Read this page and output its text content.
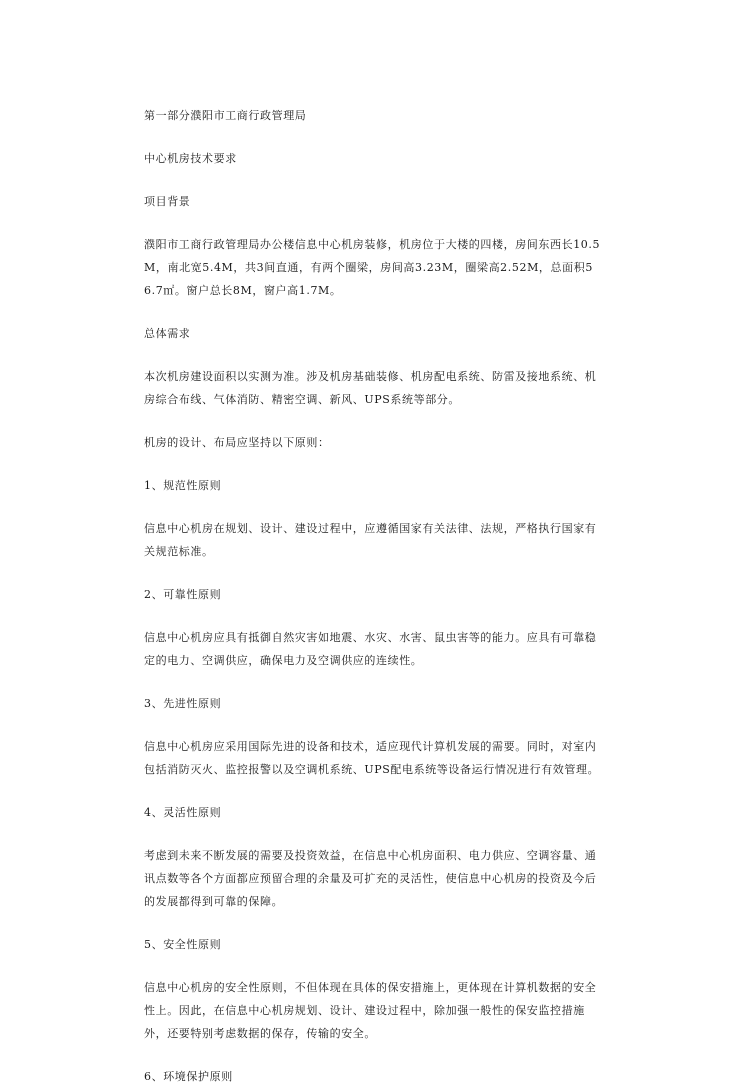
第一部分濮阳市工商行政管理局

中心机房技术要求

项目背景

濮阳市工商行政管理局办公楼信息中心机房装修，机房位于大楼的四楼，房间东西长10.5M，南北宽5.4M，共3间直通，有两个圈梁，房间高3.23M，圈梁高2.52M，总面积56.7㎡。窗户总长8M，窗户高1.7M。

总体需求

本次机房建设面积以实测为准。涉及机房基础装修、机房配电系统、防雷及接地系统、机房综合布线、气体消防、精密空调、新风、UPS系统等部分。

机房的设计、布局应坚持以下原则：

1、规范性原则

信息中心机房在规划、设计、建设过程中，应遵循国家有关法律、法规，严格执行国家有关规范标准。

2、可靠性原则

信息中心机房应具有抵御自然灾害如地震、水灾、水害、鼠虫害等的能力。应具有可靠稳定的电力、空调供应，确保电力及空调供应的连续性。

3、先进性原则

信息中心机房应采用国际先进的设备和技术，适应现代计算机发展的需要。同时，对室内包括消防灭火、监控报警以及空调机系统、UPS配电系统等设备运行情况进行有效管理。

4、灵活性原则

考虑到未来不断发展的需要及投资效益，在信息中心机房面积、电力供应、空调容量、通讯点数等各个方面都应预留合理的余量及可扩充的灵活性，使信息中心机房的投资及今后的发展都得到可靠的保障。

5、安全性原则

信息中心机房的安全性原则，不但体现在具体的保安措施上，更体现在计算机数据的安全性上。因此，在信息中心机房规划、设计、建设过程中，除加强一般性的保安监控措施外，还要特别考虑数据的保存，传输的安全。

6、环境保护原则
